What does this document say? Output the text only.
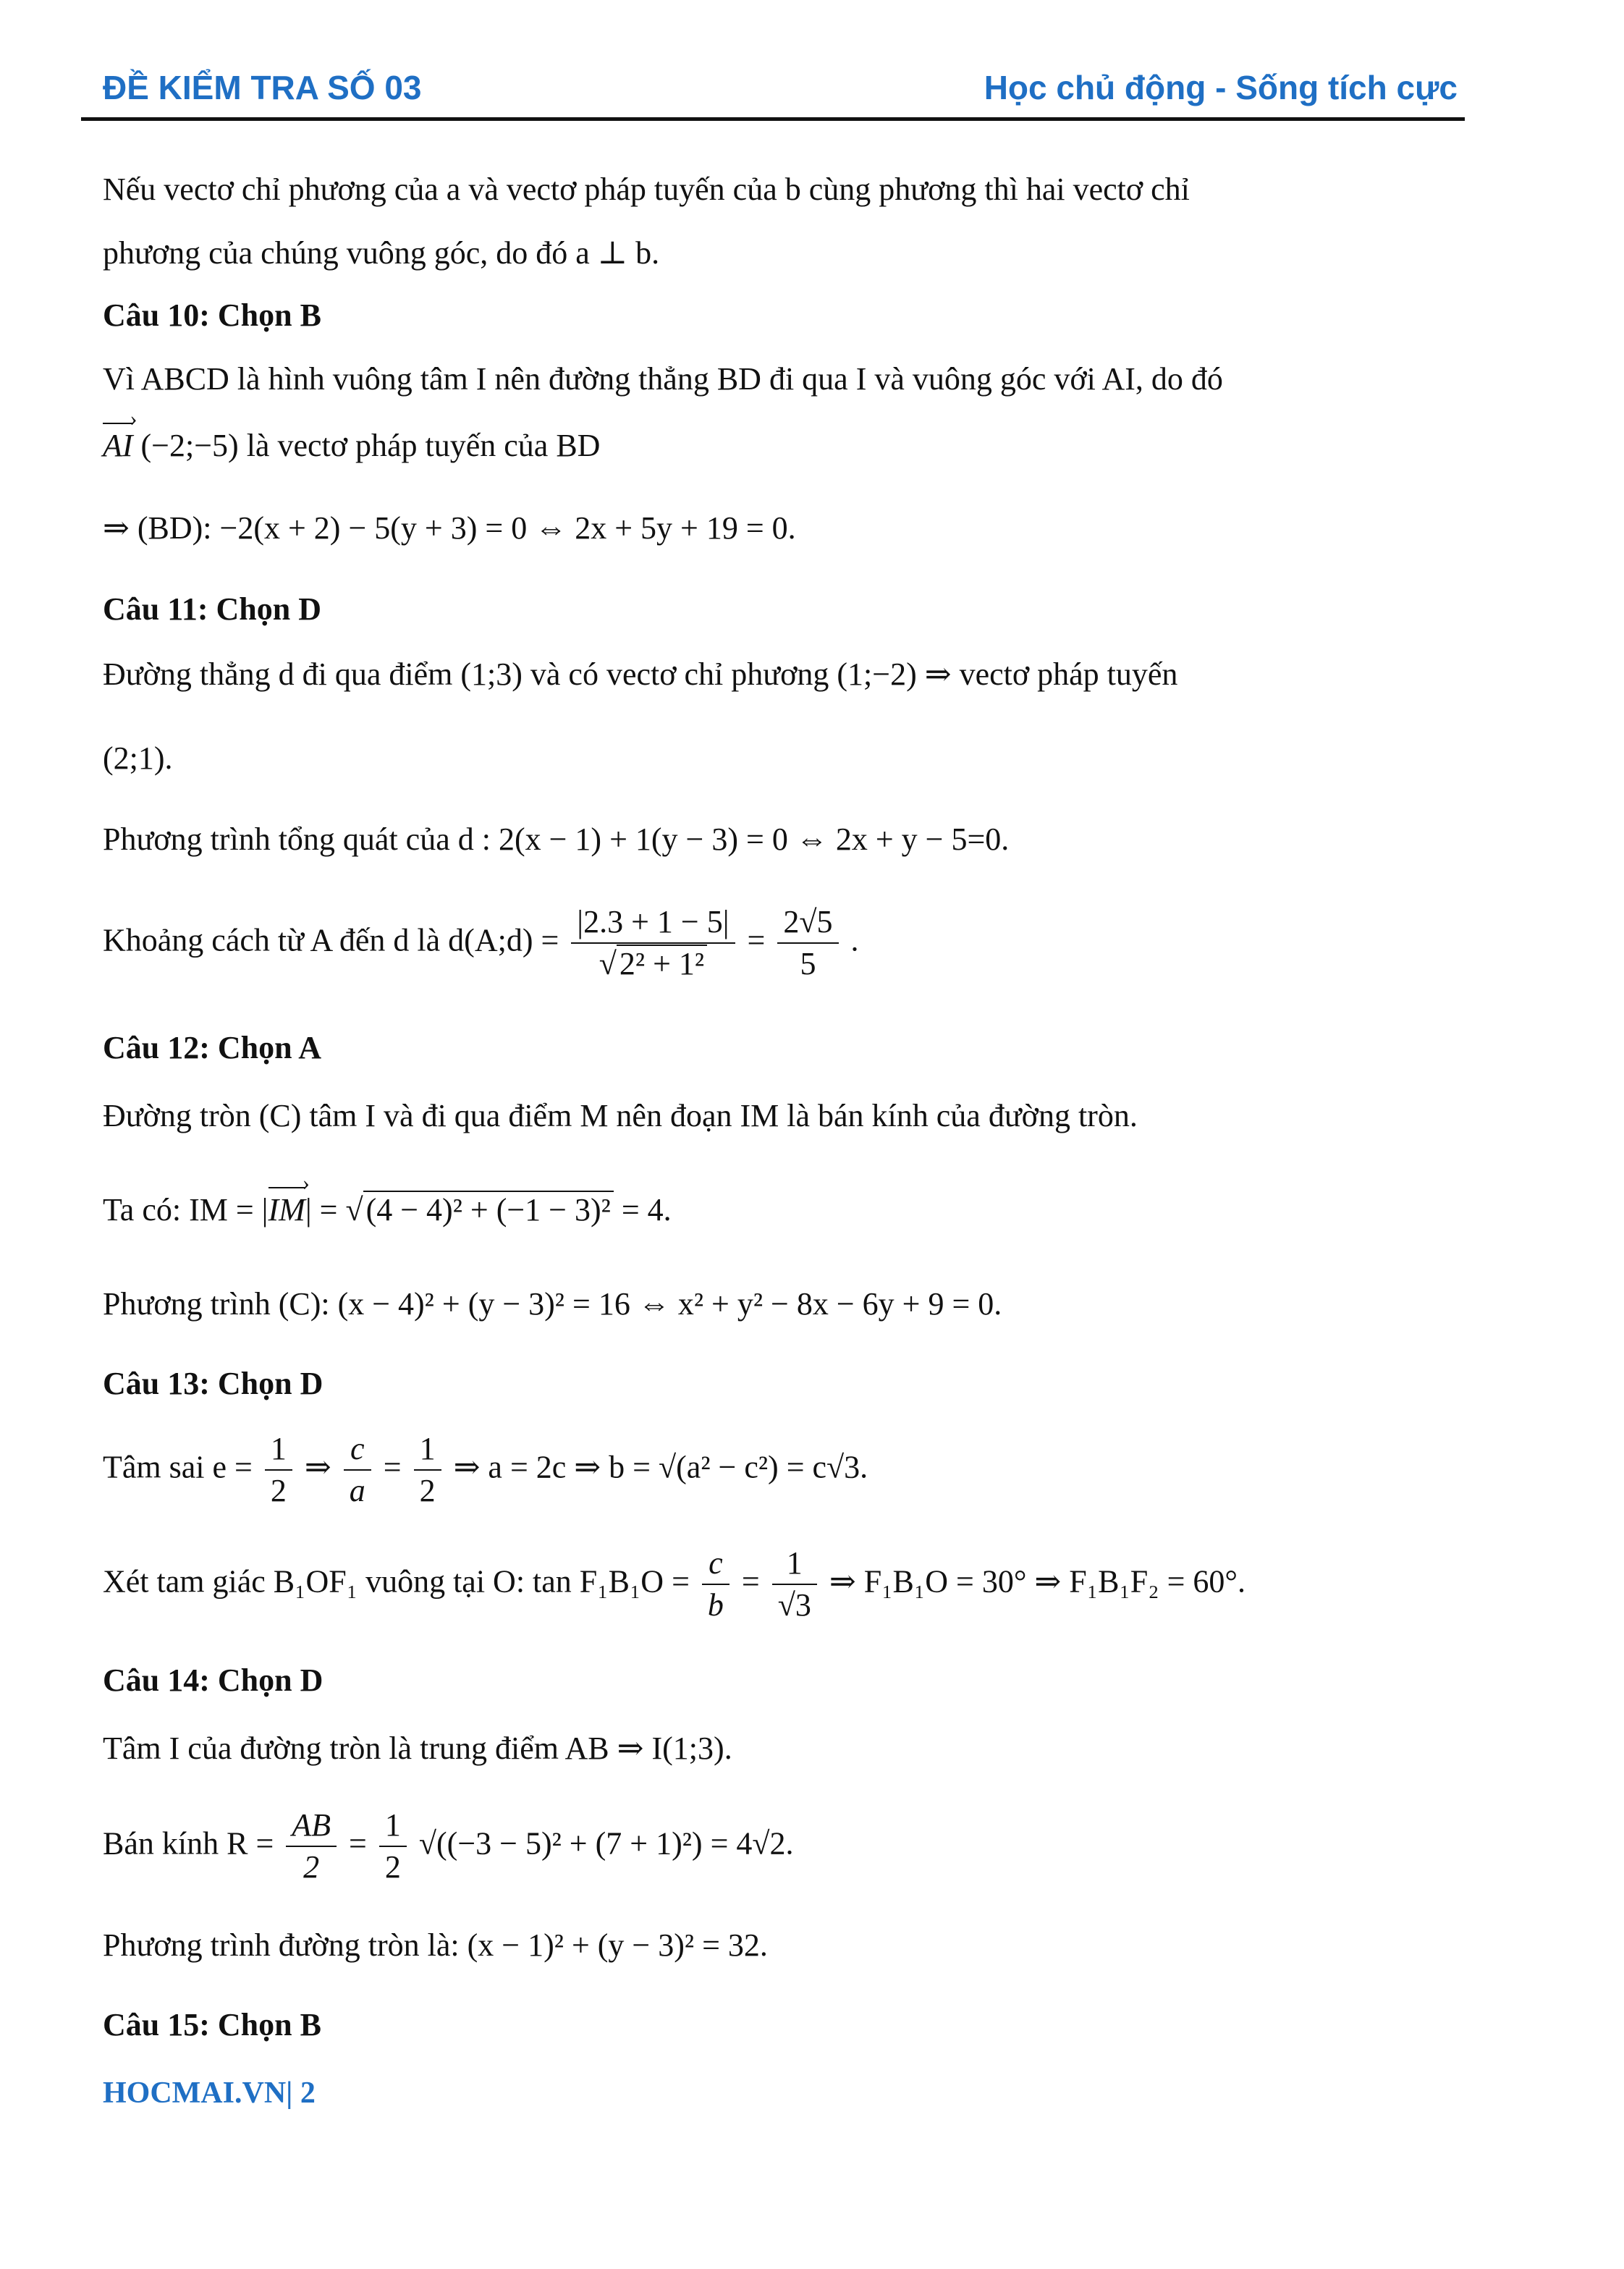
ĐỀ KIỂM TRA SỐ 03	Học chủ động - Sống tích cực
Nếu vectơ chỉ phương của a và vectơ pháp tuyến của b cùng phương thì hai vectơ chỉ
phương của chúng vuông góc, do đó a ⊥ b.
Câu 10: Chọn B
Vì ABCD là hình vuông tâm I nên đường thẳng BD đi qua I và vuông góc với AI, do đó
AI › (−2;−5) là vectơ pháp tuyến của BD
⇒ (BD): −2(x + 2) − 5(y + 3) = 0 ⇔ 2x + 5y + 19 = 0.
Câu 11: Chọn D
Đường thẳng d đi qua điểm (1;3) và có vectơ chỉ phương (1;−2) ⇒ vectơ pháp tuyến
(2;1).
Phương trình tổng quát của d : 2(x − 1) + 1(y − 3) = 0 ⇔ 2x + y − 5=0.
Khoảng cách từ A đến d là d(A;d) = $\frac{|2.3 + 1 - 5|}{\text{√2² + 1²}} = \frac{2√5}{5}$ .
Câu 12: Chọn A
Đường tròn (C) tâm I và đi qua điểm M nên đoạn IM là bán kính của đường tròn.
Ta có: IM = |IM ›| = √(4 − 4)² + (−1 − 3)² = 4.
Phương trình (C): (x − 4)² + (y − 3)² = 16 ⇔ x² + y² − 8x − 6y + 9 = 0.
Câu 13: Chọn D
Tâm sai $e = \frac{1}{2}$ ⇒ $\frac{c}{a} = \frac{1}{2}$ ⇒ a = 2c ⇒ b = √(a² − c²) = c√3.
Xét tam giác B₁OF₁ vuông tại O: $\tan F_1B_1O = \frac{c}{b} = \frac{1}{√3}$ ⇒ F₁B₁O = 30° ⇒ F₁B₁F₂ = 60°.
Câu 14: Chọn D
Tâm I của đường tròn là trung điểm AB ⇒ I(1;3).
Bán kính $R = \frac{AB}{2} = \frac{1}{2} √((-3 - 5)^2 + (7 + 1)^2) = 4√2$.
Phương trình đường tròn là: (x − 1)² + (y − 3)² = 32.
Câu 15: Chọn B
HOCMAI.VN| 2
